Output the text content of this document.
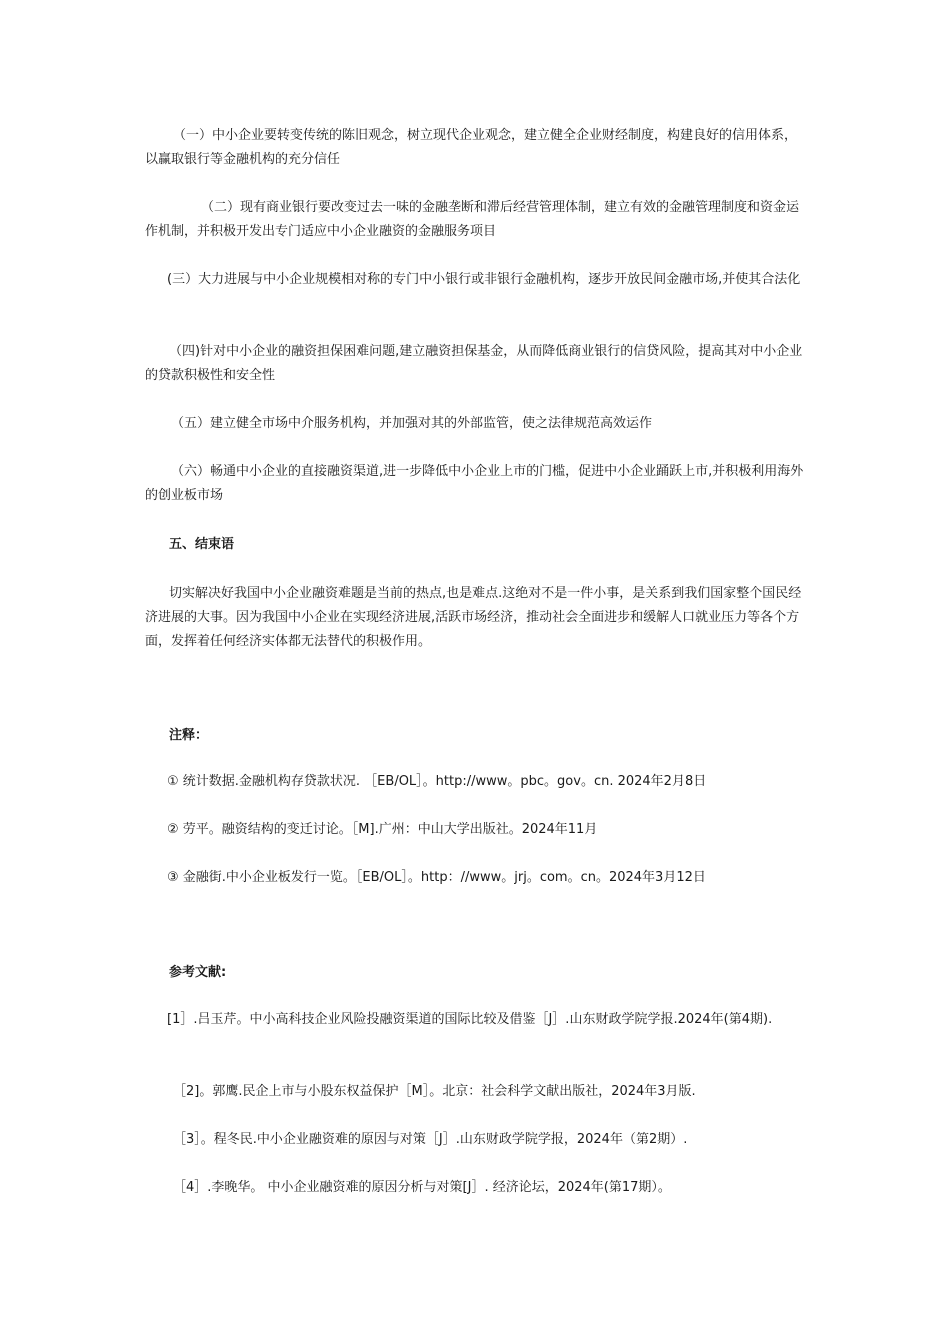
（一）中小企业要转变传统的陈旧观念，树立现代企业观念，建立健全企业财经制度，构建良好的信用体系，以赢取银行等金融机构的充分信任
（二）现有商业银行要改变过去一味的金融垄断和滞后经营管理体制，建立有效的金融管理制度和资金运作机制，并积极开发出专门适应中小企业融资的金融服务项目
(三）大力进展与中小企业规模相对称的专门中小银行或非银行金融机构，逐步开放民间金融市场,并使其合法化
（四)针对中小企业的融资担保困难问题,建立融资担保基金，从而降低商业银行的信贷风险，提高其对中小企业的贷款积极性和安全性
（五）建立健全市场中介服务机构，并加强对其的外部监管，使之法律规范高效运作
（六）畅通中小企业的直接融资渠道,进一步降低中小企业上市的门槛，促进中小企业踊跃上市,并积极利用海外的创业板市场
五、结束语
切实解决好我国中小企业融资难题是当前的热点,也是难点.这绝对不是一件小事，是关系到我们国家整个国民经济进展的大事。因为我国中小企业在实现经济进展,活跃市场经济，推动社会全面进步和缓解人口就业压力等各个方面，发挥着任何经济实体都无法替代的积极作用。
注释：
① 统计数据.金融机构存贷款状况. ［EB/OL］。http://www。pbc。gov。cn. 2024年2月8日
② 劳平。融资结构的变迁讨论。［M].广州：中山大学出版社。2024年11月
③ 金融街.中小企业板发行一览。［EB/OL］。http：//www。jrj。com。cn。2024年3月12日
参考文献:
[1］.吕玉芹。中小高科技企业风险投融资渠道的国际比较及借鉴［J］.山东财政学院学报.2024年(第4期).
［2]。郭鹰.民企上市与小股东权益保护［M］。北京：社会科学文献出版社，2024年3月版.
［3］。程冬民.中小企业融资难的原因与对策［J］.山东财政学院学报，2024年（第2期）.
［4］.李晚华。 中小企业融资难的原因分析与对策[J］. 经济论坛，2024年(第17期）。
